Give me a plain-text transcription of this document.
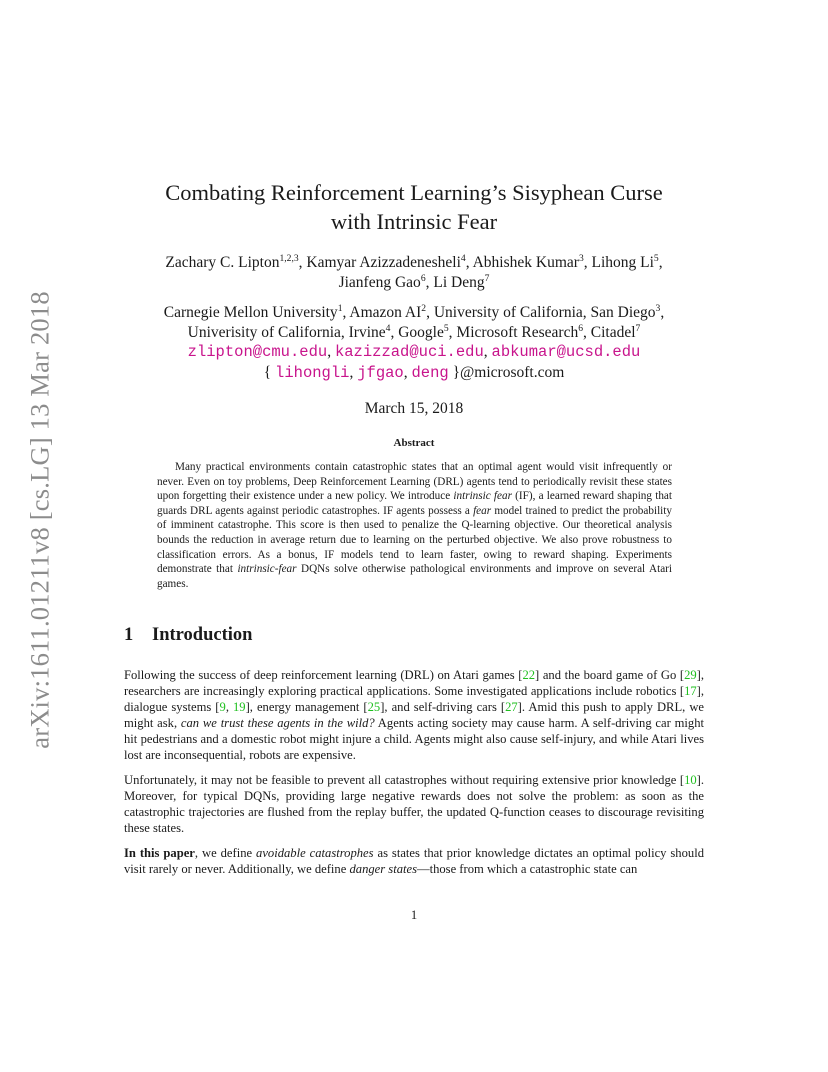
arXiv:1611.01211v8 [cs.LG] 13 Mar 2018
Combating Reinforcement Learning’s Sisyphean Curse
with Intrinsic Fear
Zachary C. Lipton$^{1,2,3}$, Kamyar Azizzadenesheli$^4$, Abhishek Kumar$^3$, Lihong Li$^5$,
Jianfeng Gao$^6$, Li Deng$^7$
Carnegie Mellon University$^1$, Amazon $AI^2$, University of California, San Diego$^3$,
Univerisity of California, Irvine$^4$, Google$^5$, Microsoft Research$^6$, Citadel$^7$
zlipton@cmu.edu, kazizzad@uci.edu, abkumar@ucsd.edu
{ lihongli, jfgao, deng }@microsoft.com
March 15, 2018
Abstract
Many practical environments contain catastrophic states that an optimal agent would visit infrequently or never. Even on toy problems, Deep Reinforcement Learning (DRL) agents tend to periodically revisit these states upon forgetting their existence under a new policy. We introduce intrinsic fear (IF), a learned reward shaping that guards DRL agents against periodic catastrophes. IF agents possess a fear model trained to predict the probability of imminent catastrophe. This score is then used to penalize the Q-learning objective. Our theoretical analysis bounds the reduction in average return due to learning on the perturbed objective. We also prove robustness to classification errors. As a bonus, IF models tend to learn faster, owing to reward shaping. Experiments demonstrate that intrinsic-fear DQNs solve otherwise pathological environments and improve on several Atari games.
1 Introduction
Following the success of deep reinforcement learning (DRL) on Atari games [22] and the board game of Go [29], researchers are increasingly exploring practical applications. Some investigated applications include robotics [17], dialogue systems [9, 19], energy management [25], and self-driving cars [27]. Amid this push to apply DRL, we might ask, can we trust these agents in the wild? Agents acting society may cause harm. A self-driving car might hit pedestrians and a domestic robot might injure a child. Agents might also cause self-injury, and while Atari lives lost are inconsequential, robots are expensive.
Unfortunately, it may not be feasible to prevent all catastrophes without requiring extensive prior knowledge [10]. Moreover, for typical DQNs, providing large negative rewards does not solve the problem: as soon as the catastrophic trajectories are flushed from the replay buffer, the updated Q-function ceases to discourage revisiting these states.
In this paper, we define avoidable catastrophes as states that prior knowledge dictates an optimal policy should visit rarely or never. Additionally, we define danger states—those from which a catastrophic state can
1
